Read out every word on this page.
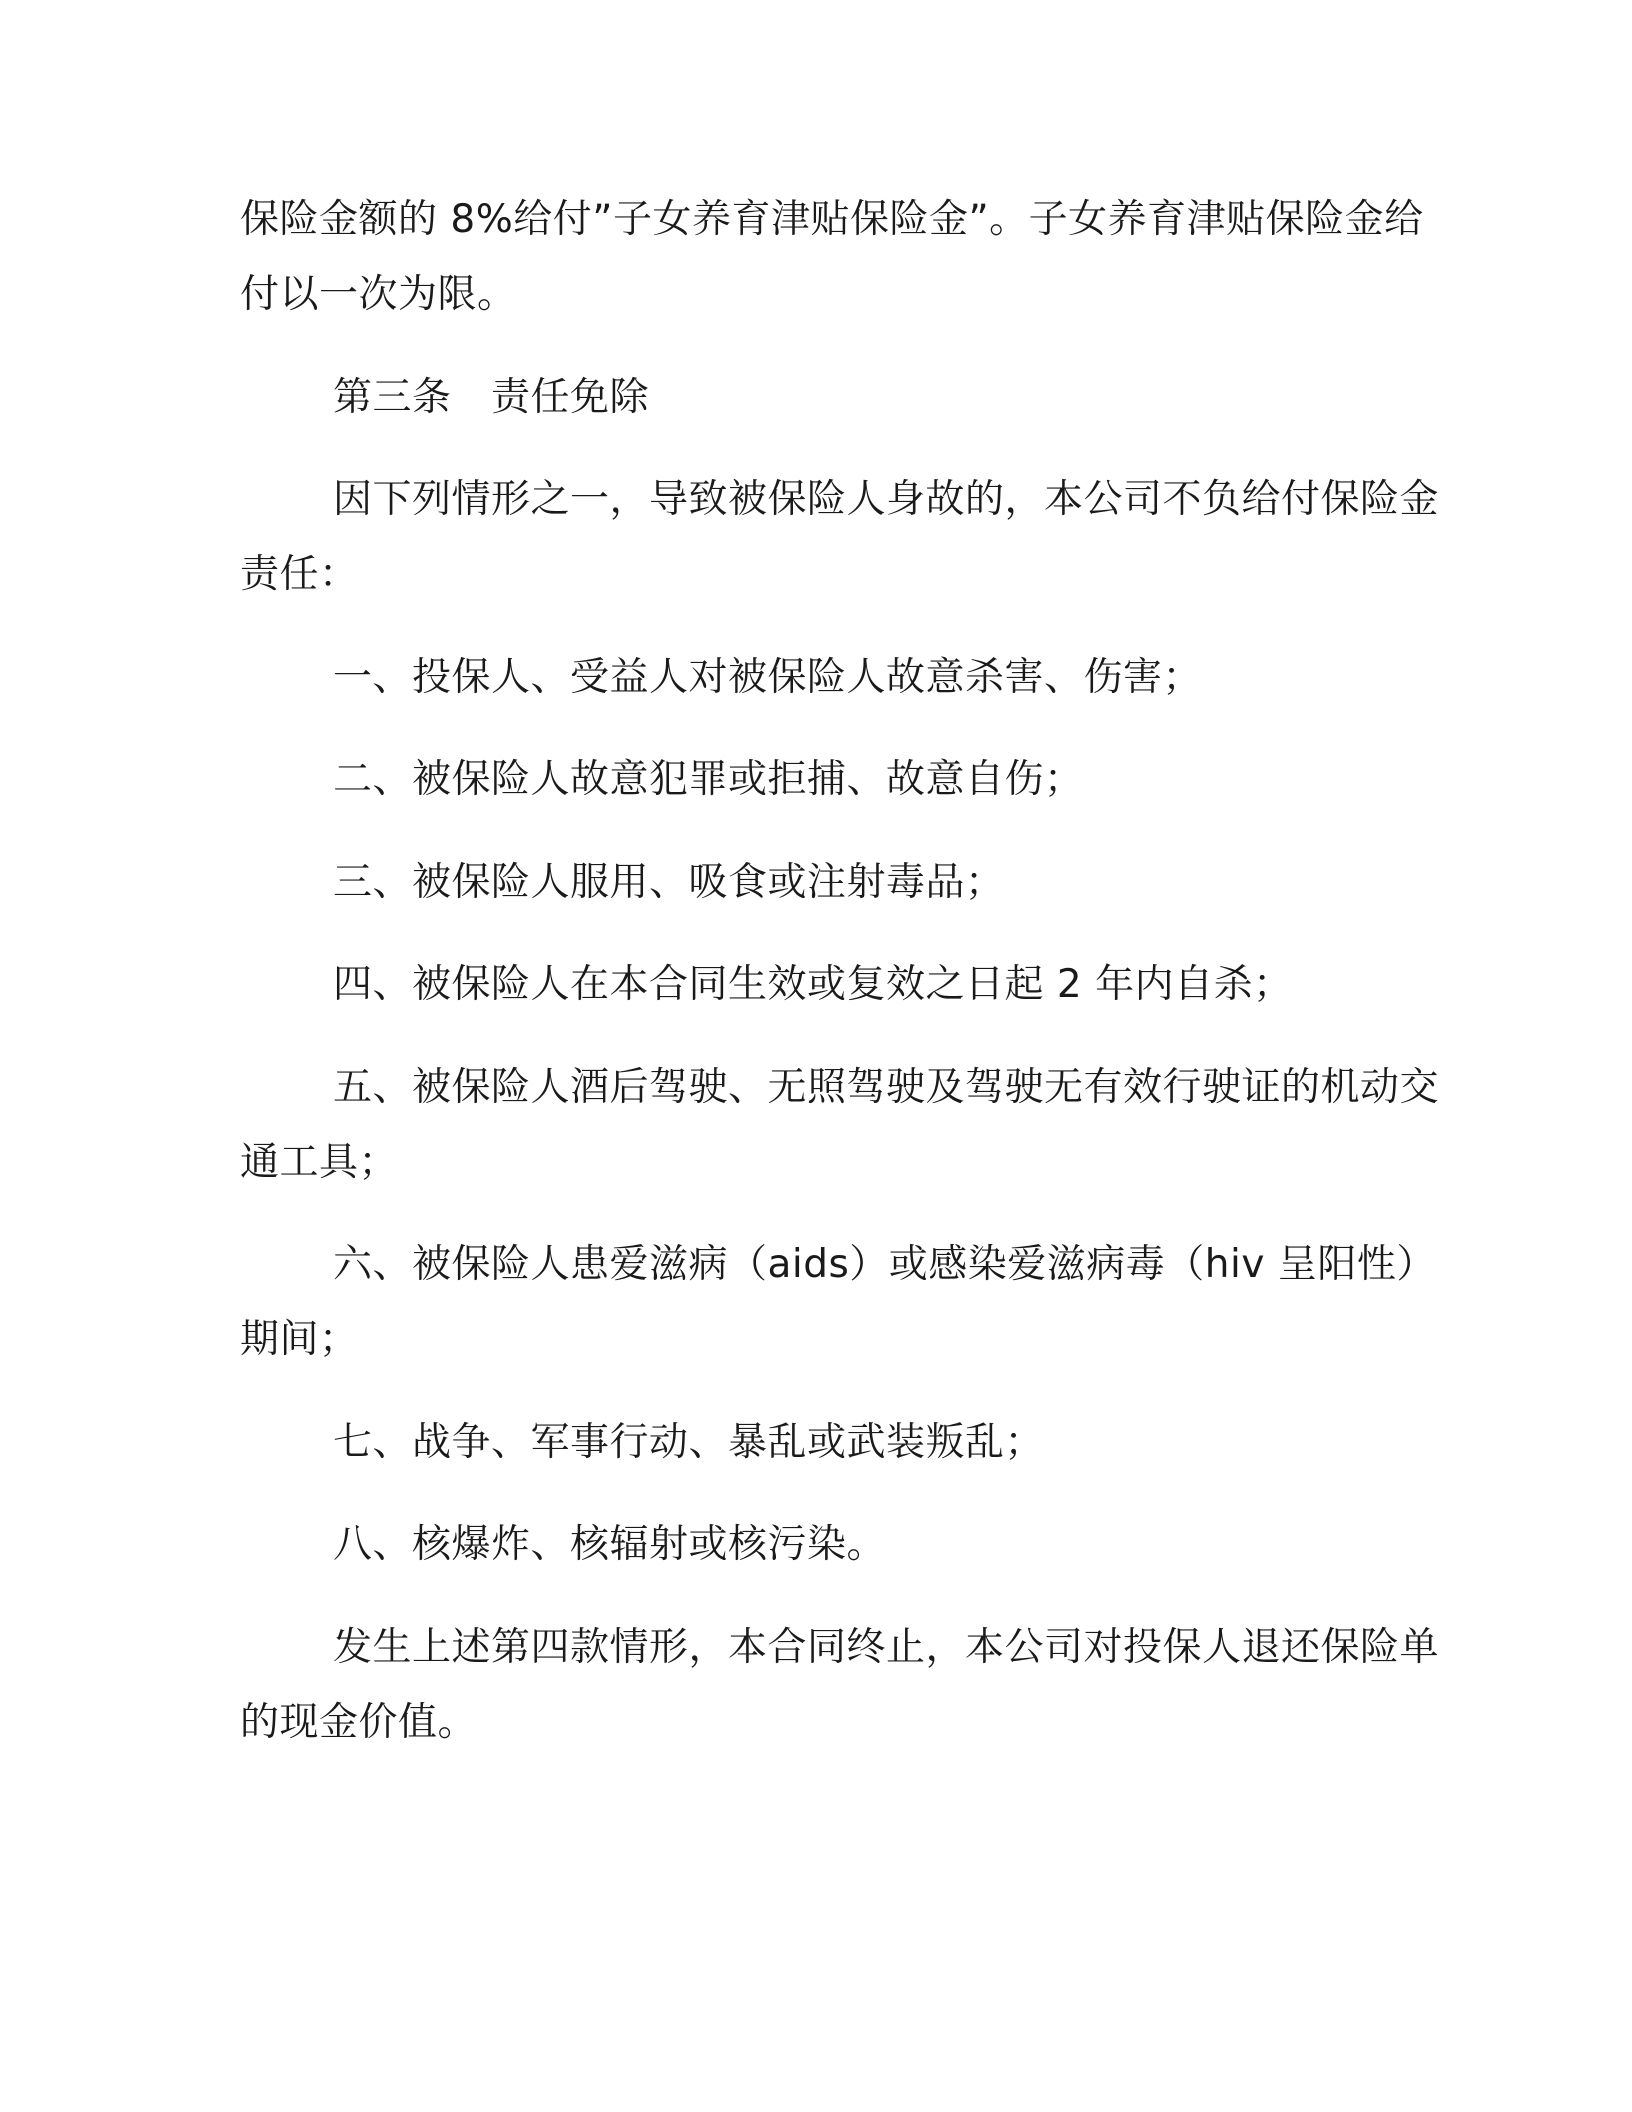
保险金额的 8%给付”子女养育津贴保险金”。子女养育津贴保险金给
付以一次为限。
第三条　责任免除
因下列情形之一，导致被保险人身故的，本公司不负给付保险金
责任：
一、投保人、受益人对被保险人故意杀害、伤害；
二、被保险人故意犯罪或拒捕、故意自伤；
三、被保险人服用、吸食或注射毒品；
四、被保险人在本合同生效或复效之日起 2 年内自杀；
五、被保险人酒后驾驶、无照驾驶及驾驶无有效行驶证的机动交
通工具；
六、被保险人患爱滋病（aids）或感染爱滋病毒（hiv 呈阳性）
期间；
七、战争、军事行动、暴乱或武装叛乱；
八、核爆炸、核辐射或核污染。
发生上述第四款情形，本合同终止，本公司对投保人退还保险单
的现金价值。
